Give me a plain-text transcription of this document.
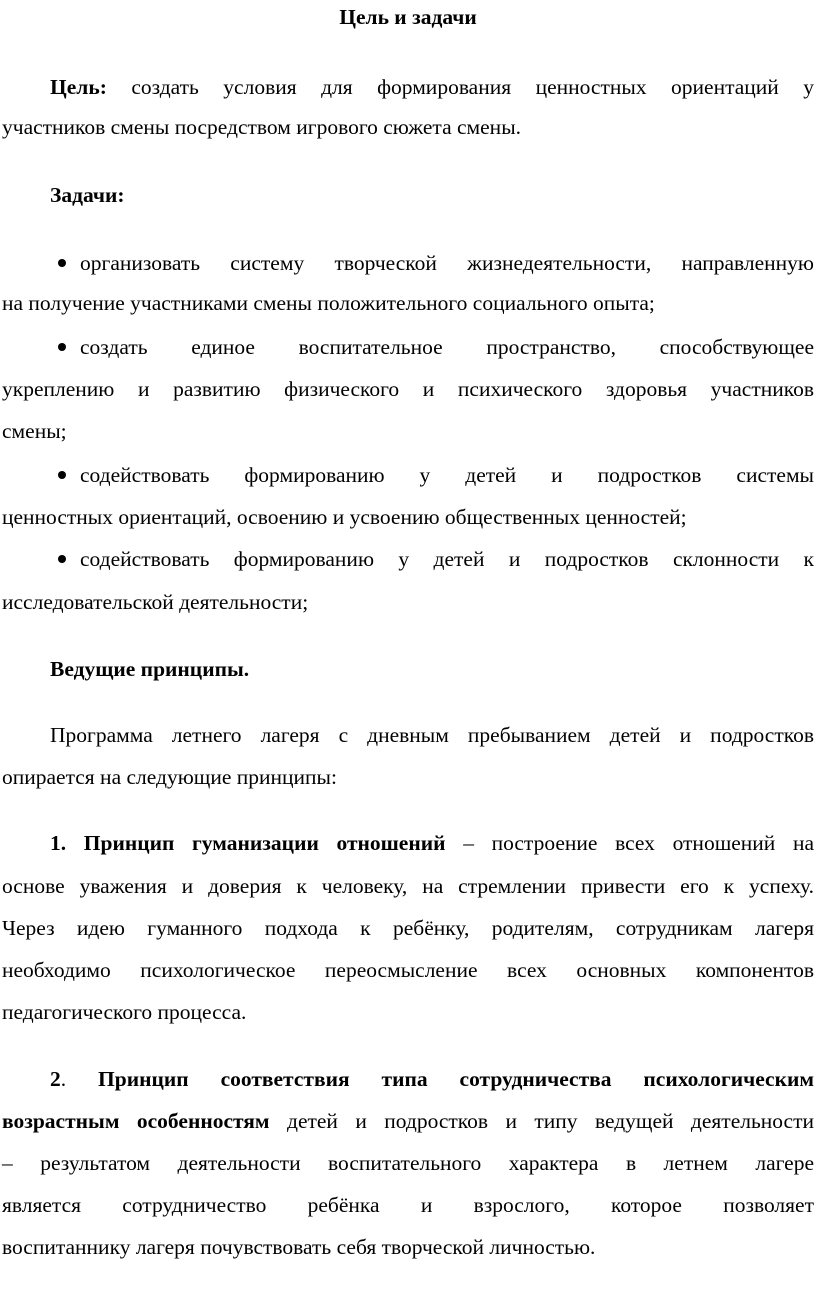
Цель и задачи
Цель: создать условия для формирования ценностных ориентаций у
участников смены посредством игрового сюжета смены.
Задачи:
организовать систему творческой жизнедеятельности, направленную
на получение участниками смены положительного социального опыта;
создать единое воспитательное пространство, способствующее
укреплению и развитию физического и психического здоровья участников
смены;
содействовать формированию у детей и подростков системы
ценностных ориентаций, освоению и усвоению общественных ценностей;
содействовать формированию у детей и подростков склонности к
исследовательской деятельности;
Ведущие принципы.
Программа летнего лагеря с дневным пребыванием детей и подростков
опирается на следующие принципы:
1. Принцип гуманизации отношений – построение всех отношений на
основе уважения и доверия к человеку, на стремлении привести его к успеху.
Через идею гуманного подхода к ребёнку, родителям, сотрудникам лагеря
необходимо психологическое переосмысление всех основных компонентов
педагогического процесса.
2. Принцип соответствия типа сотрудничества психологическим
возрастным особенностям детей и подростков и типу ведущей деятельности
– результатом деятельности воспитательного характера в летнем лагере
является сотрудничество ребёнка и взрослого, которое позволяет
воспитаннику лагеря почувствовать себя творческой личностью.
